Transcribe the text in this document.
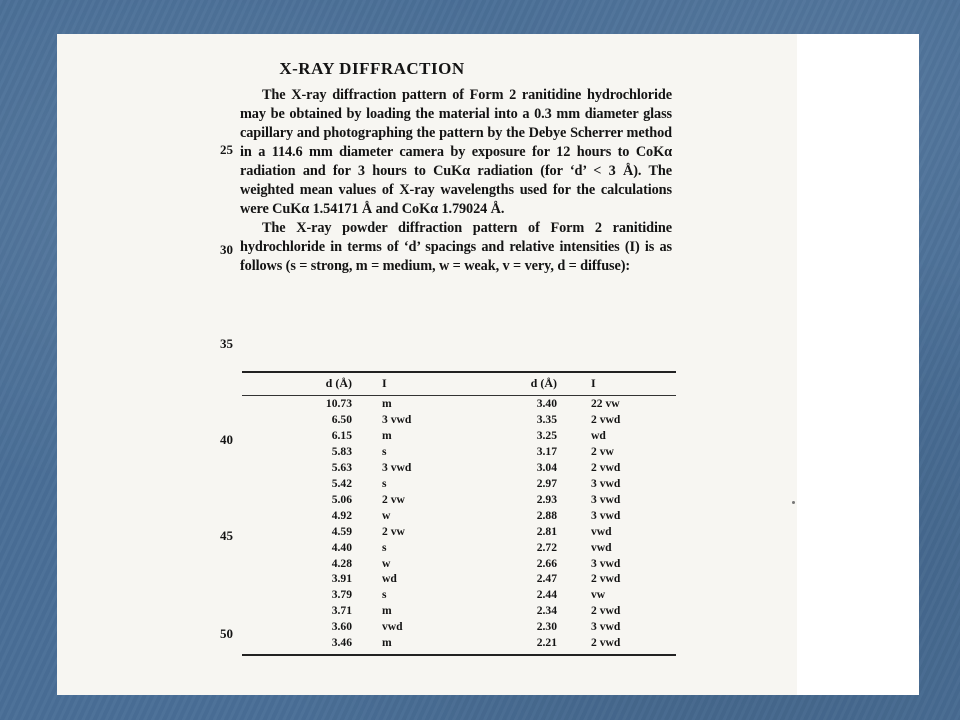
X-RAY DIFFRACTION

The X-ray diffraction pattern of Form 2 ranitidine hydrochloride may be obtained by loading the material into a 0.3 mm diameter glass capillary and photographing the pattern by the Debye Scherrer method in a 114.6 mm diameter camera by exposure for 12 hours to CoKα radiation and for 3 hours to CuKα radiation (for ‘d’ < 3 Å). The weighted mean values of X-ray wavelengths used for the calculations were CuKα 1.54171 Å and CoKα 1.79024 Å.

The X-ray powder diffraction pattern of Form 2 ranitidine hydrochloride in terms of ‘d’ spacings and relative intensities (I) is as follows (s = strong, m = medium, w = weak, v = very, d = diffuse):

25
30
35
40
45
50
d (Å)	I	d (Å)	I

10.73	m	3.40	22 vw
6.50	3 vwd	3.35	2 vwd
6.15	m	3.25	wd
5.83	s	3.17	2 vw
5.63	3 vwd	3.04	2 vwd
5.42	s	2.97	3 vwd
5.06	2 vw	2.93	3 vwd
4.92	w	2.88	3 vwd
4.59	2 vw	2.81	vwd
4.40	s	2.72	vwd
4.28	w	2.66	3 vwd
3.91	wd	2.47	2 vwd
3.79	s	2.44	vw
3.71	m	2.34	2 vwd
3.60	vwd	2.30	3 vwd
3.46	m	2.21	2 vwd
